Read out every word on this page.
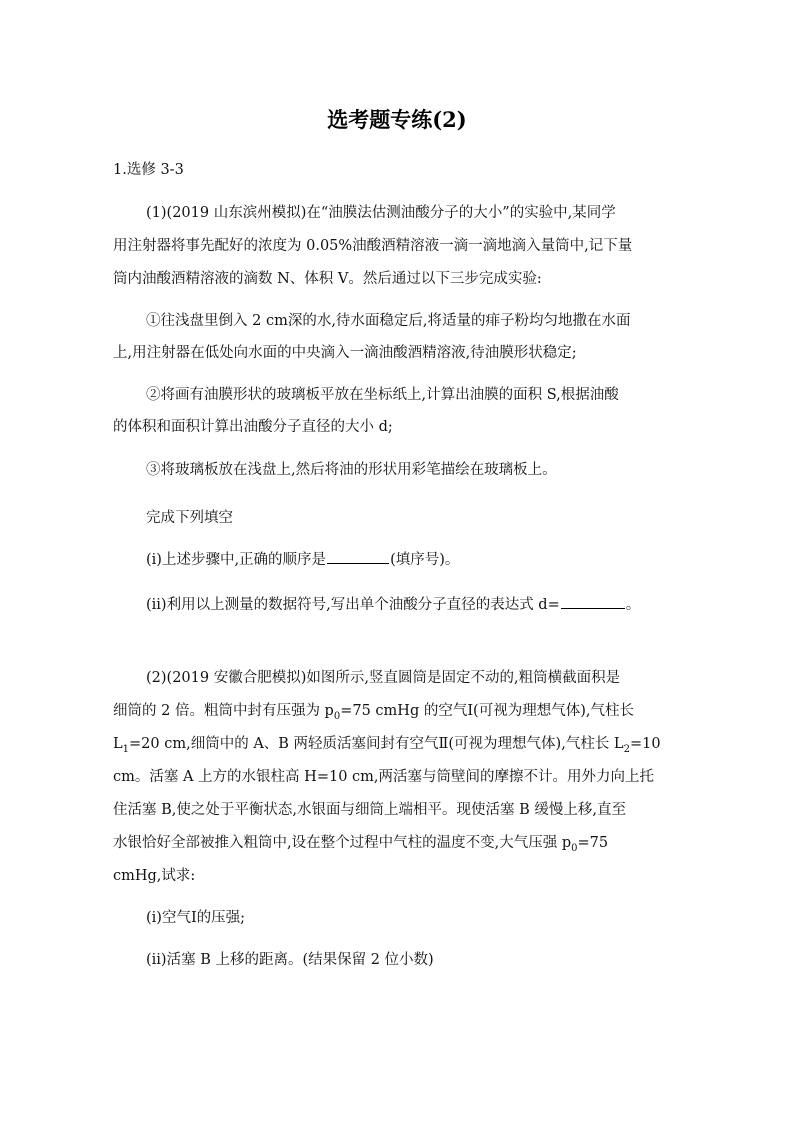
选考题专练(2)
1.选修 3-3
(1)(2019 山东滨州模拟)在“油膜法估测油酸分子的大小”的实验中,某同学
用注射器将事先配好的浓度为 0.05%油酸酒精溶液一滴一滴地滴入量筒中,记下量
筒内油酸酒精溶液的滴数 N、体积 V。然后通过以下三步完成实验:
①往浅盘里倒入 2 cm深的水,待水面稳定后,将适量的痱子粉均匀地撒在水面
上,用注射器在低处向水面的中央滴入一滴油酸酒精溶液,待油膜形状稳定;
②将画有油膜形状的玻璃板平放在坐标纸上,计算出油膜的面积 S,根据油酸
的体积和面积计算出油酸分子直径的大小 d;
③将玻璃板放在浅盘上,然后将油的形状用彩笔描绘在玻璃板上。
完成下列填空
(ⅰ)上述步骤中,正确的顺序是	(填序号)。
(ⅱ)利用以上测量的数据符号,写出单个油酸分子直径的表达式 d=	。
(2)(2019 安徽合肥模拟)如图所示,竖直圆筒是固定不动的,粗筒横截面积是
细筒的 2 倍。粗筒中封有压强为 $p_0=75$ cmHg 的空气Ⅰ(可视为理想气体),气柱长
$L_1=20$ cm,细筒中的 A、B 两轻质活塞间封有空气Ⅱ(可视为理想气体),气柱长 $L_2=10$
cm。活塞 A 上方的水银柱高 H=10 cm,两活塞与筒壁间的摩擦不计。用外力向上托
住活塞 B,使之处于平衡状态,水银面与细筒上端相平。现使活塞 B 缓慢上移,直至
水银恰好全部被推入粗筒中,设在整个过程中气柱的温度不变,大气压强 $p_0=75$
cmHg,试求:
(ⅰ)空气Ⅰ的压强;
(ⅱ)活塞 B 上移的距离。(结果保留 2 位小数)
